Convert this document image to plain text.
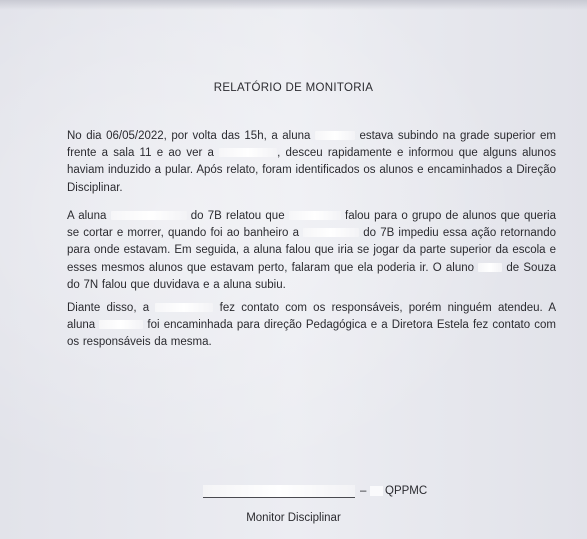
RELATÓRIO DE MONITORIA
No dia 06/05/2022, por volta das 15h, a aluna	estava subindo na grade superior em frente a sala 11 e ao ver a	, desceu rapidamente e informou que alguns alunos haviam induzido a pular. Após relato, foram identificados os alunos e encaminhados a Direção Disciplinar.
A aluna	do 7B relatou que	falou para o grupo de alunos que queria se cortar e morrer, quando foi ao banheiro a	do 7B impediu essa ação retornando para onde estavam. Em seguida, a aluna falou que iria se jogar da parte superior da escola e esses mesmos alunos que estavam perto, falaram que ela poderia ir. O aluno  de Souza do 7N falou que duvidava e a aluna subiu.
Diante disso, a	fez contato com os responsáveis, porém ninguém atendeu. A aluna	foi encaminhada para direção Pedagógica e a Diretora Estela fez contato com os responsáveis da mesma.
– QPPMC
Monitor Disciplinar
